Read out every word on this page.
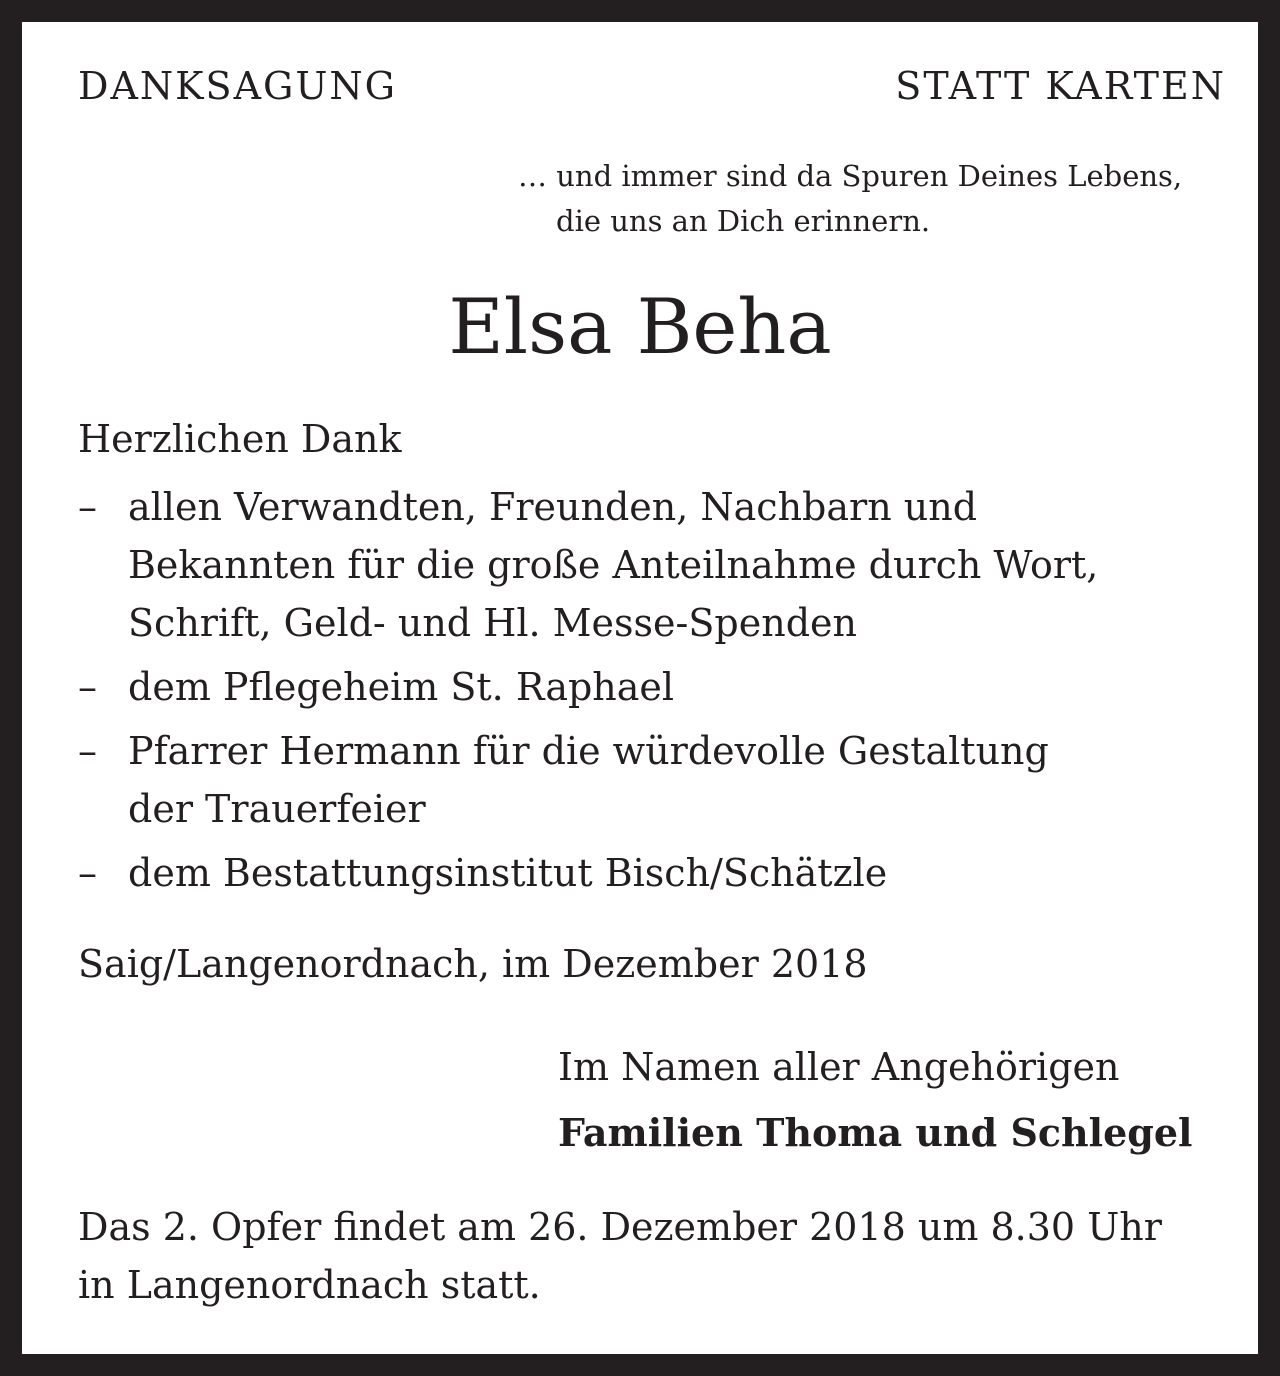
DANKSAGUNG	STATT KARTEN
… und immer sind da Spuren Deines Lebens,
die uns an Dich erinnern.
Elsa Beha
Herzlichen Dank
– allen Verwandten, Freunden, Nachbarn und
Bekannten für die große Anteilnahme durch Wort,
Schrift, Geld- und Hl. Messe-Spenden
– dem Pflegeheim St. Raphael
– Pfarrer Hermann für die würdevolle Gestaltung
der Trauerfeier
– dem Bestattungsinstitut Bisch/Schätzle
Saig/Langenordnach, im Dezember 2018
Im Namen aller Angehörigen
Familien Thoma und Schlegel
Das 2. Opfer findet am 26. Dezember 2018 um 8.30 Uhr
in Langenordnach statt.
